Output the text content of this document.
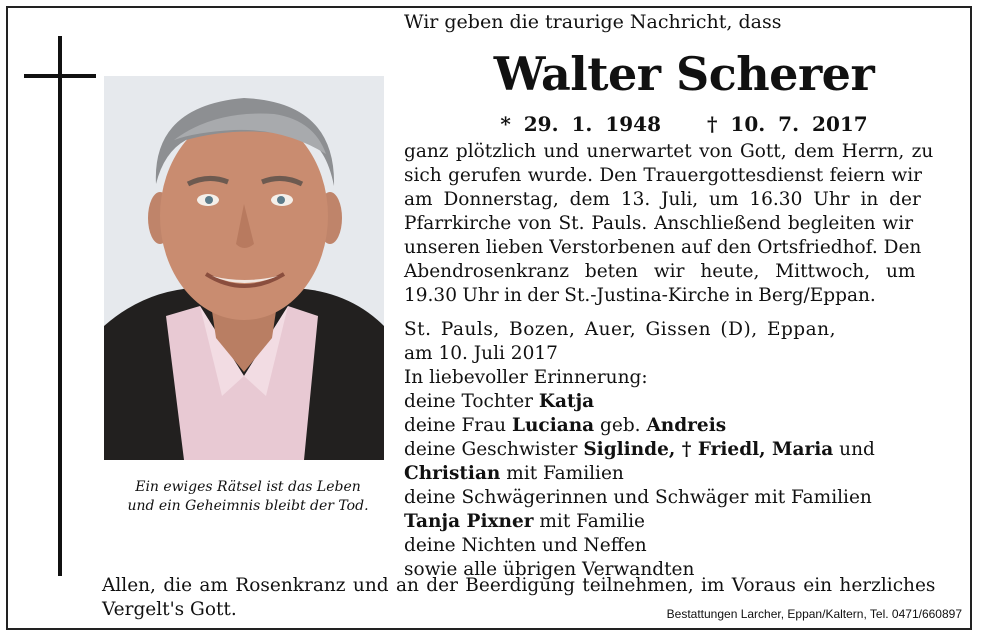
Ein ewiges Rätsel ist das Leben
und ein Geheimnis bleibt der Tod.
Wir geben die traurige Nachricht, dass
Walter Scherer
* 29. 1. 1948 † 10. 7. 2017
ganz plötzlich und unerwartet von Gott, dem Herrn, zu
sich gerufen wurde. Den Trauergottesdienst feiern wir
am Donnerstag, dem 13. Juli, um 16.30 Uhr in der
Pfarrkirche von St. Pauls. Anschließend begleiten wir
unseren lieben Verstorbenen auf den Ortsfriedhof. Den
Abendrosenkranz beten wir heute, Mittwoch, um
19.30 Uhr in der St.-Justina-Kirche in Berg/Eppan.
St. Pauls, Bozen, Auer, Gissen (D), Eppan,
am 10. Juli 2017
In liebevoller Erinnerung:
deine Tochter Katja
deine Frau Luciana geb. Andreis
deine Geschwister Siglinde, † Friedl, Maria und
Christian mit Familien
deine Schwägerinnen und Schwäger mit Familien
Tanja Pixner mit Familie
deine Nichten und Neffen
sowie alle übrigen Verwandten
Allen, die am Rosenkranz und an der Beerdigung teilnehmen, im Voraus ein herzliches
Vergelt's Gott.	Bestattungen Larcher, Eppan/Kaltern, Tel. 0471/660897
